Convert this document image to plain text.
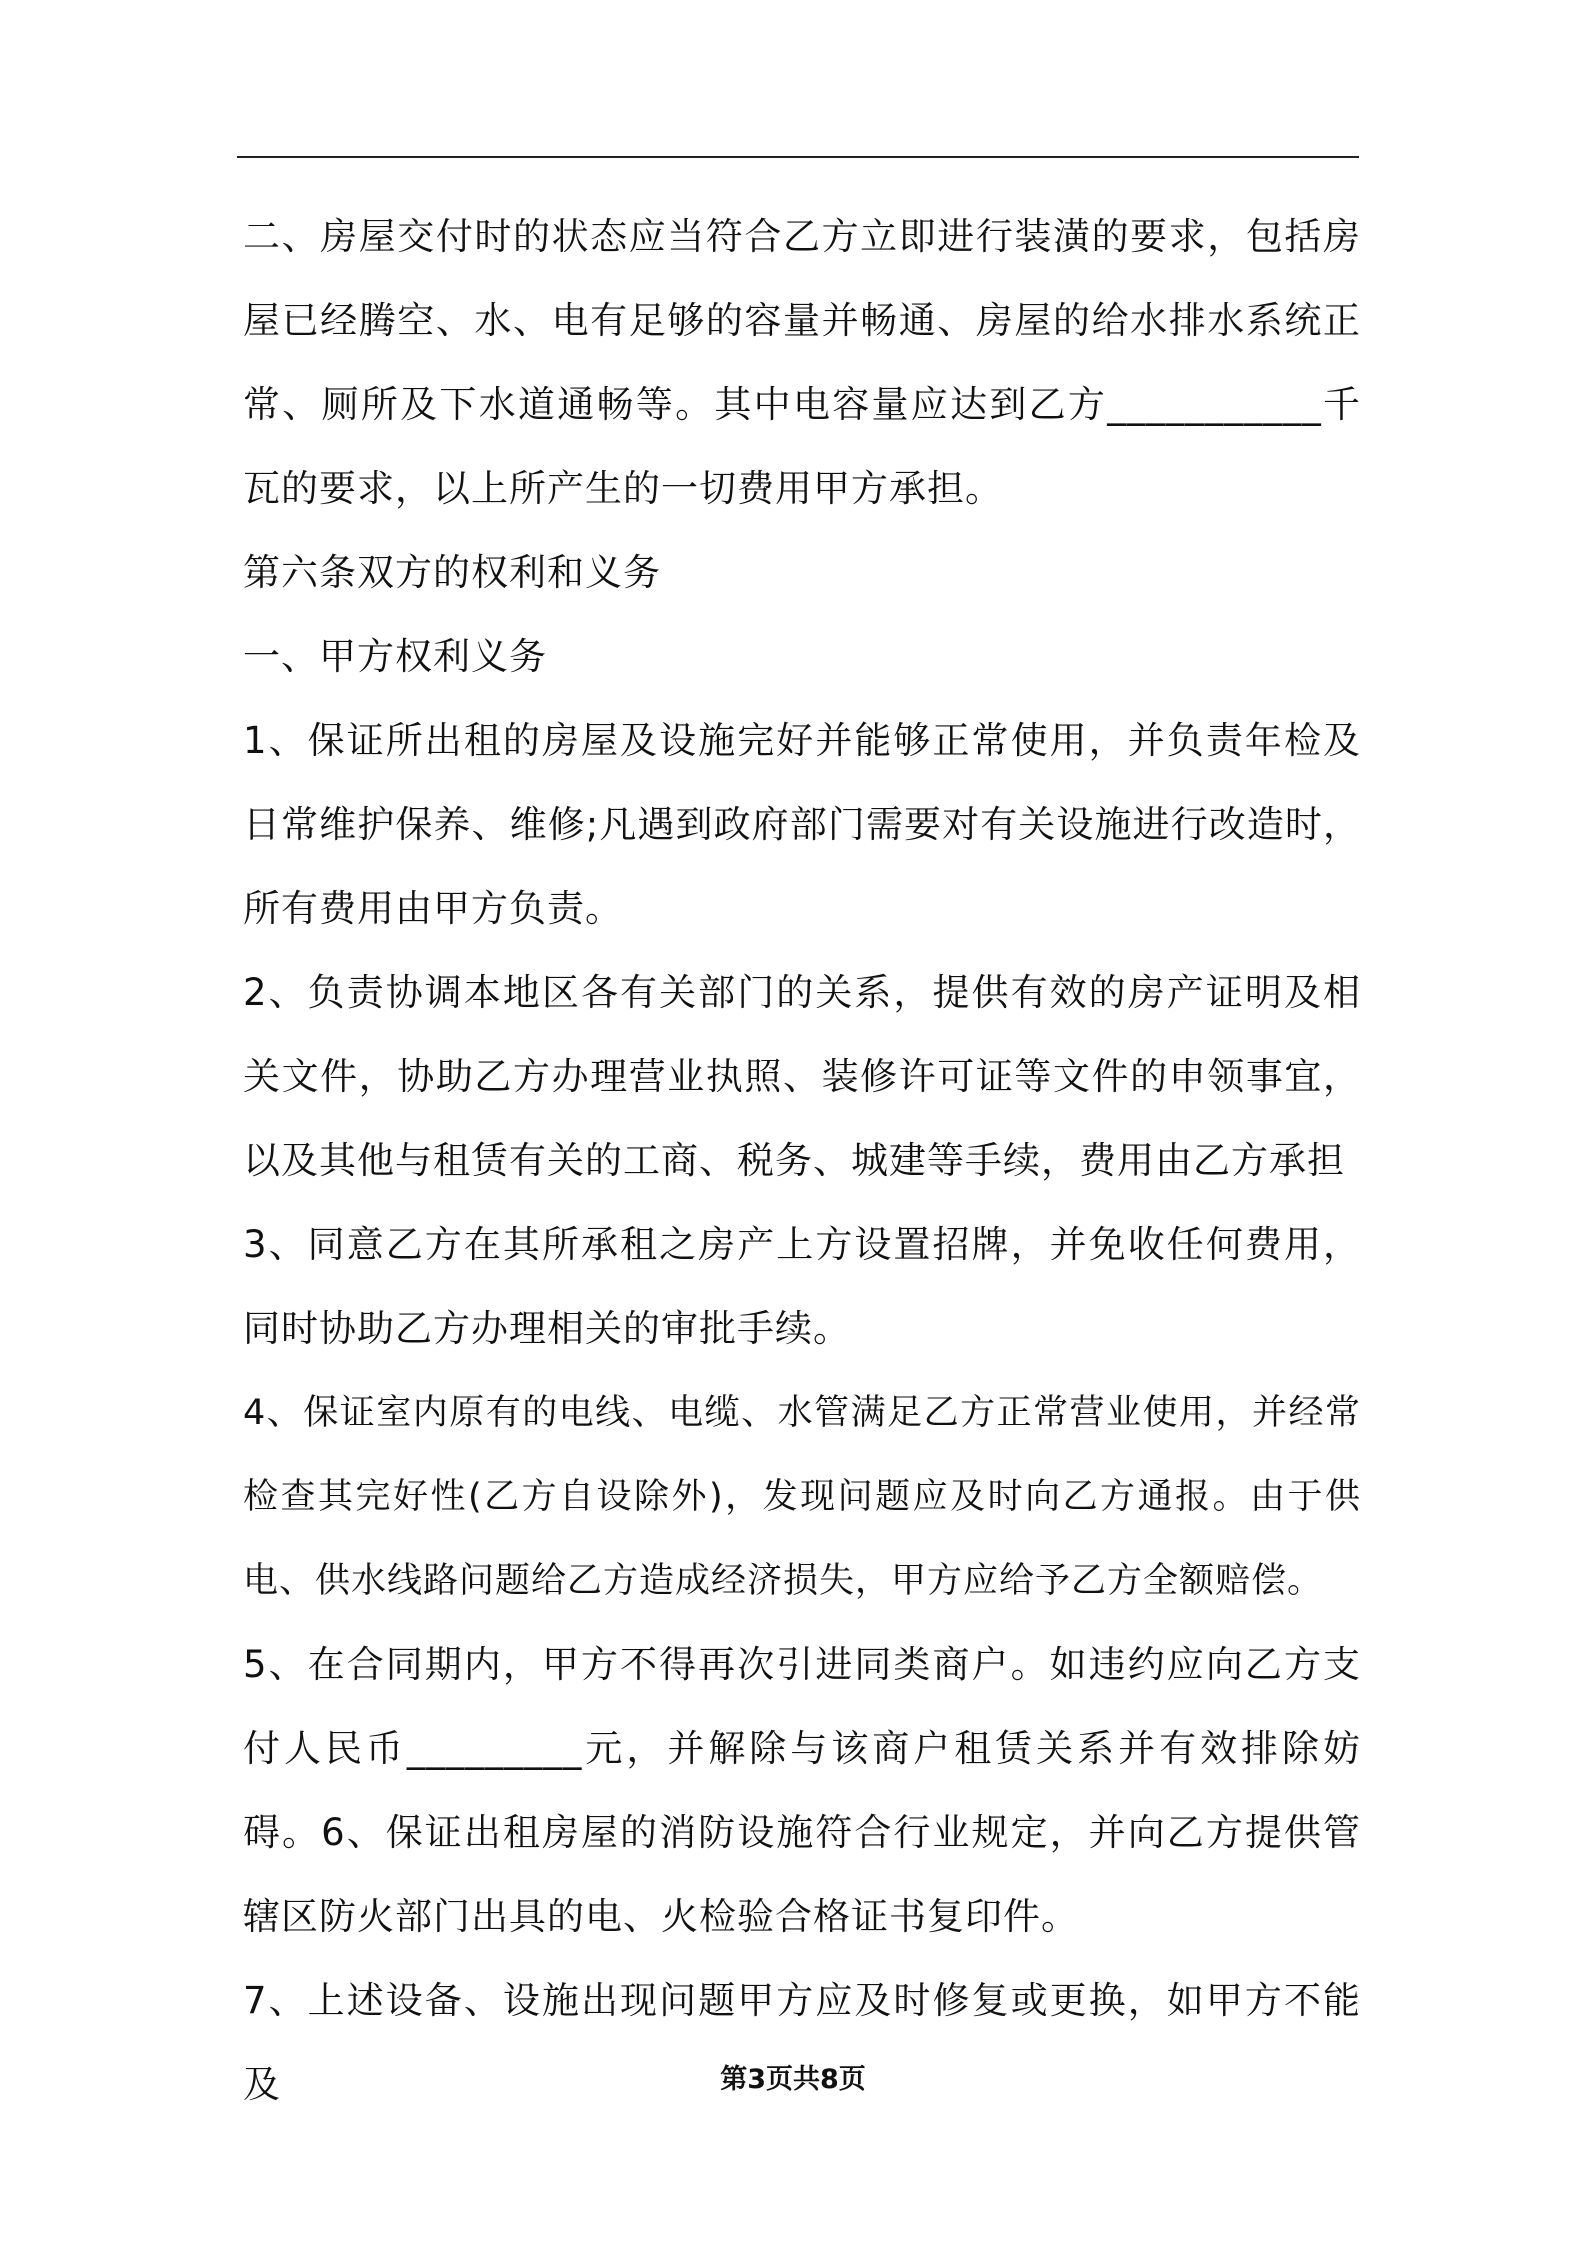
二、房屋交付时的状态应当符合乙方立即进行装潢的要求，包括房屋已经腾空、水、电有足够的容量并畅通、房屋的给水排水系统正常、厕所及下水道通畅等。其中电容量应达到乙方___________千瓦的要求，以上所产生的一切费用甲方承担。

第六条双方的权利和义务

一、甲方权利义务

1、保证所出租的房屋及设施完好并能够正常使用，并负责年检及日常维护保养、维修;凡遇到政府部门需要对有关设施进行改造时，所有费用由甲方负责。

2、负责协调本地区各有关部门的关系，提供有效的房产证明及相关文件，协助乙方办理营业执照、装修许可证等文件的申领事宜，以及其他与租赁有关的工商、税务、城建等手续，费用由乙方承担

3、同意乙方在其所承租之房产上方设置招牌，并免收任何费用，同时协助乙方办理相关的审批手续。

4、保证室内原有的电线、电缆、水管满足乙方正常营业使用，并经常检查其完好性(乙方自设除外)，发现问题应及时向乙方通报。由于供电、供水线路问题给乙方造成经济损失，甲方应给予乙方全额赔偿。

5、在合同期内，甲方不得再次引进同类商户。如违约应向乙方支付人民币_________元，并解除与该商户租赁关系并有效排除妨碍。6、保证出租房屋的消防设施符合行业规定，并向乙方提供管辖区防火部门出具的电、火检验合格证书复印件。

7、上述设备、设施出现问题甲方应及时修复或更换，如甲方不能及	第3页共8页
